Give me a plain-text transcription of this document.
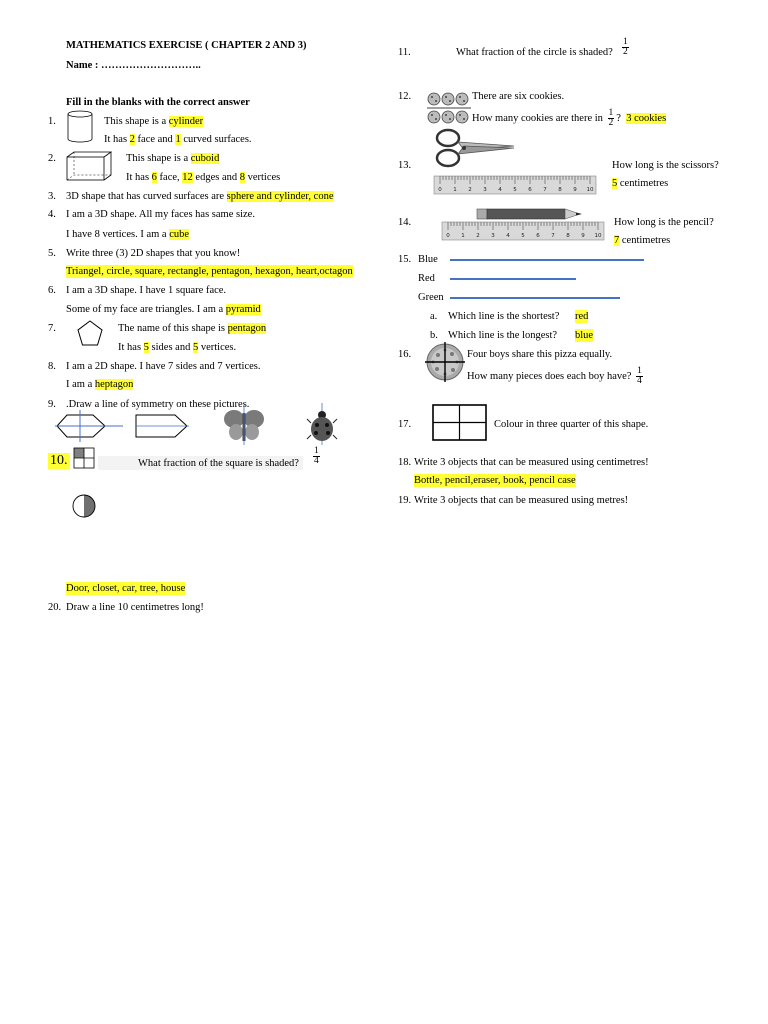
MATHEMATICS EXERCISE ( CHAPTER 2 AND 3)
Name : ………………………..
Fill in the blanks with the correct answer
1.	This shape is a cylinder
It has 2 face and 1 curved surfaces.
2.	This shape is a cuboid
It has 6 face, 12 edges and 8 vertices
3. 3D shape that has curved surfaces are sphere and cylinder, cone
4. I am a 3D shape. All my faces has same size.
I have 8 vertices. I am a cube
5. Write three (3) 2D shapes that you know!
Triangel, circle, square, rectangle, pentagon, hexagon, heart,octagon
6. I am a 3D shape. I have 1 square face.
Some of my face are triangles. I am a pyramid
7.	The name of this shape is pentagon
It has 5 sides and 5 vertices.
8. I am a 2D shape. I have 7 sides and 7 vertices.
I am a heptagon
9. .Draw a line of symmetry on these pictures.
10.	What fraction of the square is shaded? $\frac{1}{4}$
Door, closet, car, tree, house
20. Draw a line 10 centimetres long!
11.	What fraction of the circle is shaded? $\frac{1}{2}$
12.	There are six cookies.
How many cookies are there in $\frac{1}{2}$ ? 3 cookies
13.
0 1 2 3 4 5 6 7 8 9 10
How long is the scissors?
5 centimetres
14.
0 1 2 3 4 5 6 7 8 9 10
How long is the pencil?
7 centimetres
15. Blue
Red
Green
a. Which line is the shortest? red
b. Which line is the longest? blue
16.	Four boys share this pizza equally.
How many pieces does each boy have? $\frac{1}{4}$
17.	Colour in three quarter of this shape.
18. Write 3 objects that can be measured using centimetres!
Bottle, pencil,eraser, book, pencil case
19. Write 3 objects that can be measured using metres!
